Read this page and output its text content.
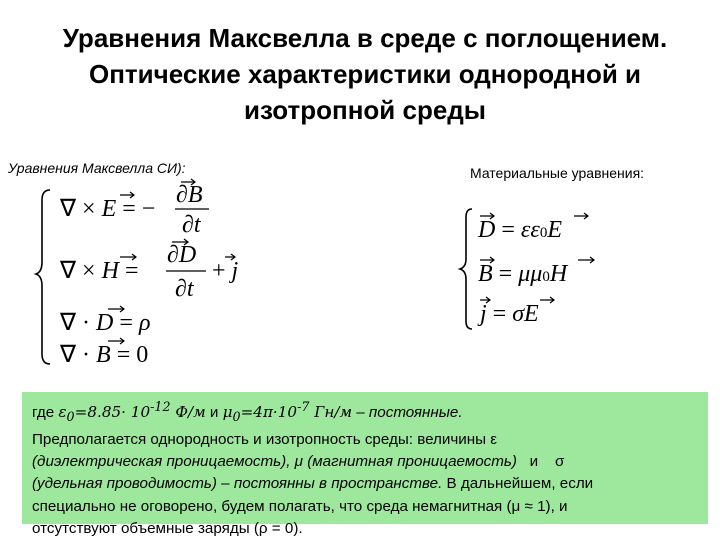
Уравнения Максвелла в среде с поглощением.
Оптические характеристики однородной и
изотропной среды
Уравнения Максвелла СИ):	Материальные уравнения:
∇ × E = −
∂B
∂t
∇ × H =
∂D
∂t
+ j
∇ · D = ρ
∇ · B = 0
D = εε0E
B = μμ0H
j = σE
где $\varepsilon_0=8.85\cdot 10^{-12}$ Ф/м и $\mu_0=4\pi\cdot 10^{-7}$ Гн/м – постоянные.
Предполагается однородность и изотропность среды: величины ε
(диэлектрическая проницаемость), μ (магнитная проницаемость)   и    σ
(удельная проводимость) – постоянны в пространстве. В дальнейшем, если
специально не оговорено, будем полагать, что среда немагнитная (μ ≈ 1), и
отсутствуют объемные заряды (ρ = 0).
